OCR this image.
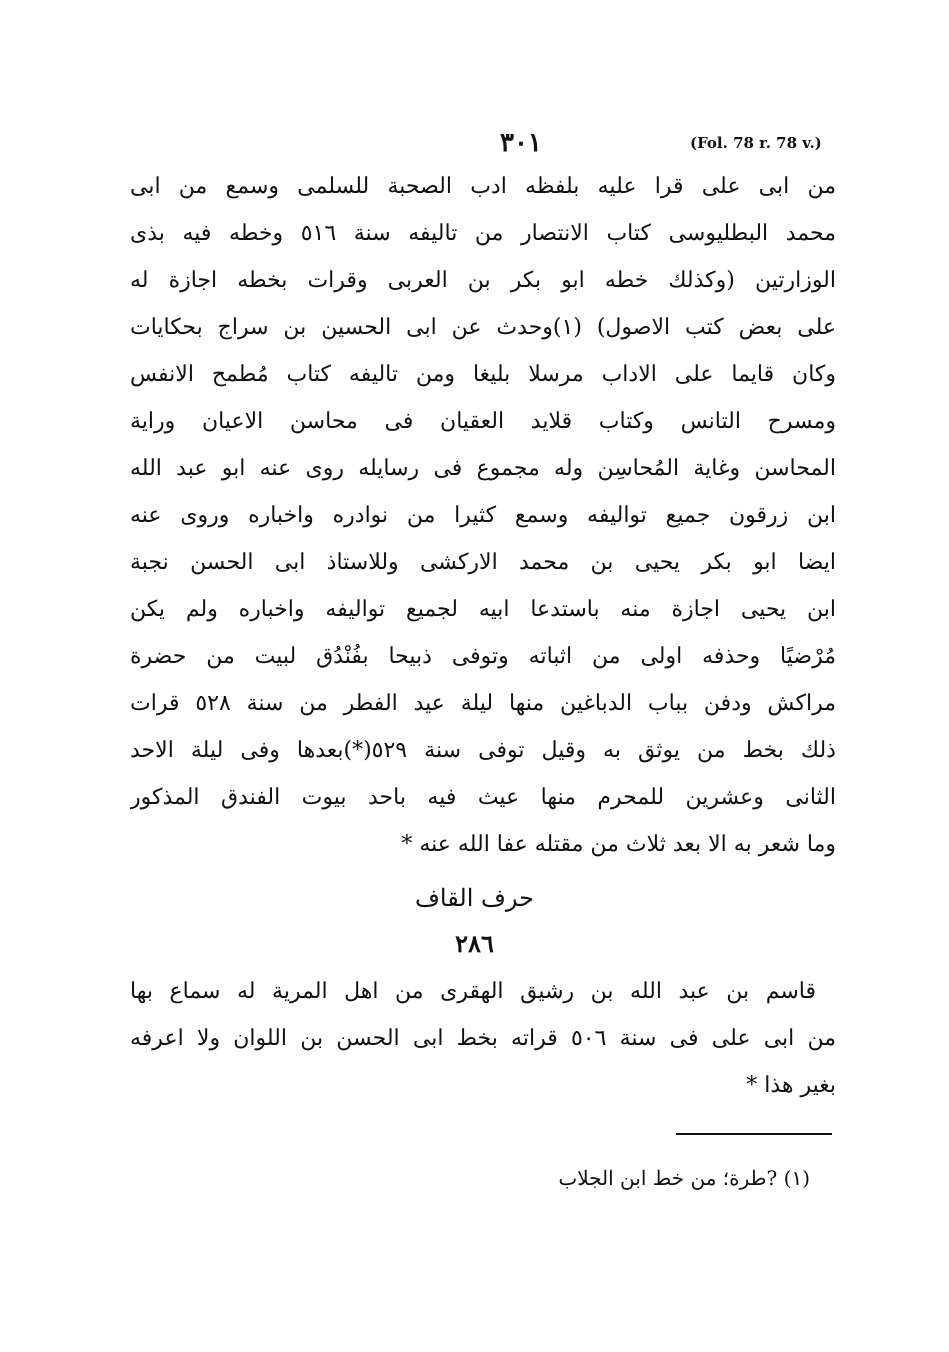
٣٠١	(Fol. 78 r. 78 v.)
من ابى على قرا عليه بلفظه ادب الصحبة للسلمى وسمع من ابى
محمد البطليوسى كتاب الانتصار من تاليفه سنة ٥١٦ وخطه فيه بذى
الوزارتين (وكذلك خطه ابو بكر بن العربى وقرات بخطه اجازة له
على بعض كتب الاصول) (١)وحدث عن ابى الحسين بن سراج بحكايات
وكان قايما على الاداب مرسلا بليغا ومن تاليفه كتاب مُطمح الانفس
ومسرح التانس وكتاب قلايد العقيان فى محاسن الاعيان وراية
المحاسن وغاية المُحاسِن وله مجموع فى رسايله روى عنه ابو عبد الله
ابن زرقون جميع تواليفه وسمع كثيرا من نوادره واخباره وروى عنه
ايضا ابو بكر يحيى بن محمد الاركشى وللاستاذ ابى الحسن نجبة
ابن يحيى اجازة منه باستدعا ابيه لجميع تواليفه واخباره ولم يكن
مُرْضيًا وحذفه اولى من اثباته وتوفى ذبيحا بفُنْدُق لبيت من حضرة
مراكش ودفن بباب الدباغين منها ليلة عيد الفطر من سنة ٥٢٨ قرات
ذلك بخط من يوثق به وقيل توفى سنة ٥٢٩(*)بعدها وفى ليلة الاحد
الثانى وعشرين للمحرم منها عيث فيه باحد بيوت الفندق المذكور
وما شعر به الا بعد ثلاث من مقتله عفا الله عنه *
حرف القاف
٢٨٦
قاسم بن عبد الله بن رشيق الهقرى من اهل المرية له سماع بها
من ابى على فى سنة ٥٠٦ قراته بخط ابى الحسن بن اللوان ولا اعرفه
بغير هذا *
(١) ?طرة؛ من خط ابن الجلاب
